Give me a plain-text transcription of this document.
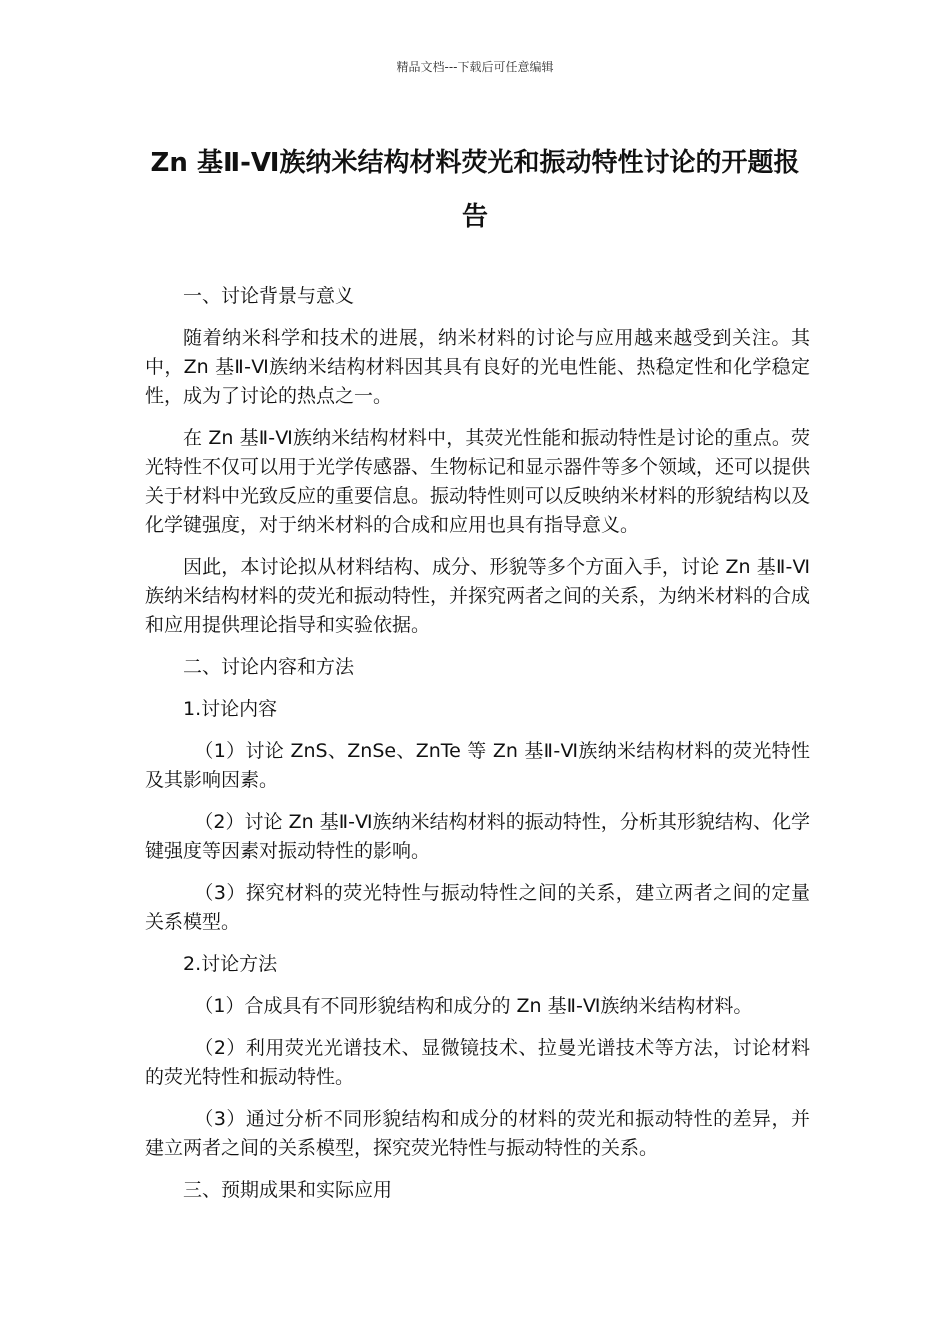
精品文档---下载后可任意编辑
Zn 基Ⅱ-Ⅵ族纳米结构材料荧光和振动特性讨论的开题报告

一、讨论背景与意义

随着纳米科学和技术的进展，纳米材料的讨论与应用越来越受到关注。其中，Zn 基Ⅱ-Ⅵ族纳米结构材料因其具有良好的光电性能、热稳定性和化学稳定性，成为了讨论的热点之一。

在 Zn 基Ⅱ-Ⅵ族纳米结构材料中，其荧光性能和振动特性是讨论的重点。荧光特性不仅可以用于光学传感器、生物标记和显示器件等多个领域，还可以提供关于材料中光致反应的重要信息。振动特性则可以反映纳米材料的形貌结构以及化学键强度，对于纳米材料的合成和应用也具有指导意义。

因此，本讨论拟从材料结构、成分、形貌等多个方面入手，讨论 Zn 基Ⅱ-Ⅵ族纳米结构材料的荧光和振动特性，并探究两者之间的关系，为纳米材料的合成和应用提供理论指导和实验依据。

二、讨论内容和方法

1.讨论内容

（1）讨论 ZnS、ZnSe、ZnTe 等 Zn 基Ⅱ-Ⅵ族纳米结构材料的荧光特性及其影响因素。

（2）讨论 Zn 基Ⅱ-Ⅵ族纳米结构材料的振动特性，分析其形貌结构、化学键强度等因素对振动特性的影响。

（3）探究材料的荧光特性与振动特性之间的关系，建立两者之间的定量关系模型。

2.讨论方法

（1）合成具有不同形貌结构和成分的 Zn 基Ⅱ-Ⅵ族纳米结构材料。

（2）利用荧光光谱技术、显微镜技术、拉曼光谱技术等方法，讨论材料的荧光特性和振动特性。

（3）通过分析不同形貌结构和成分的材料的荧光和振动特性的差异，并建立两者之间的关系模型，探究荧光特性与振动特性的关系。

三、预期成果和实际应用
